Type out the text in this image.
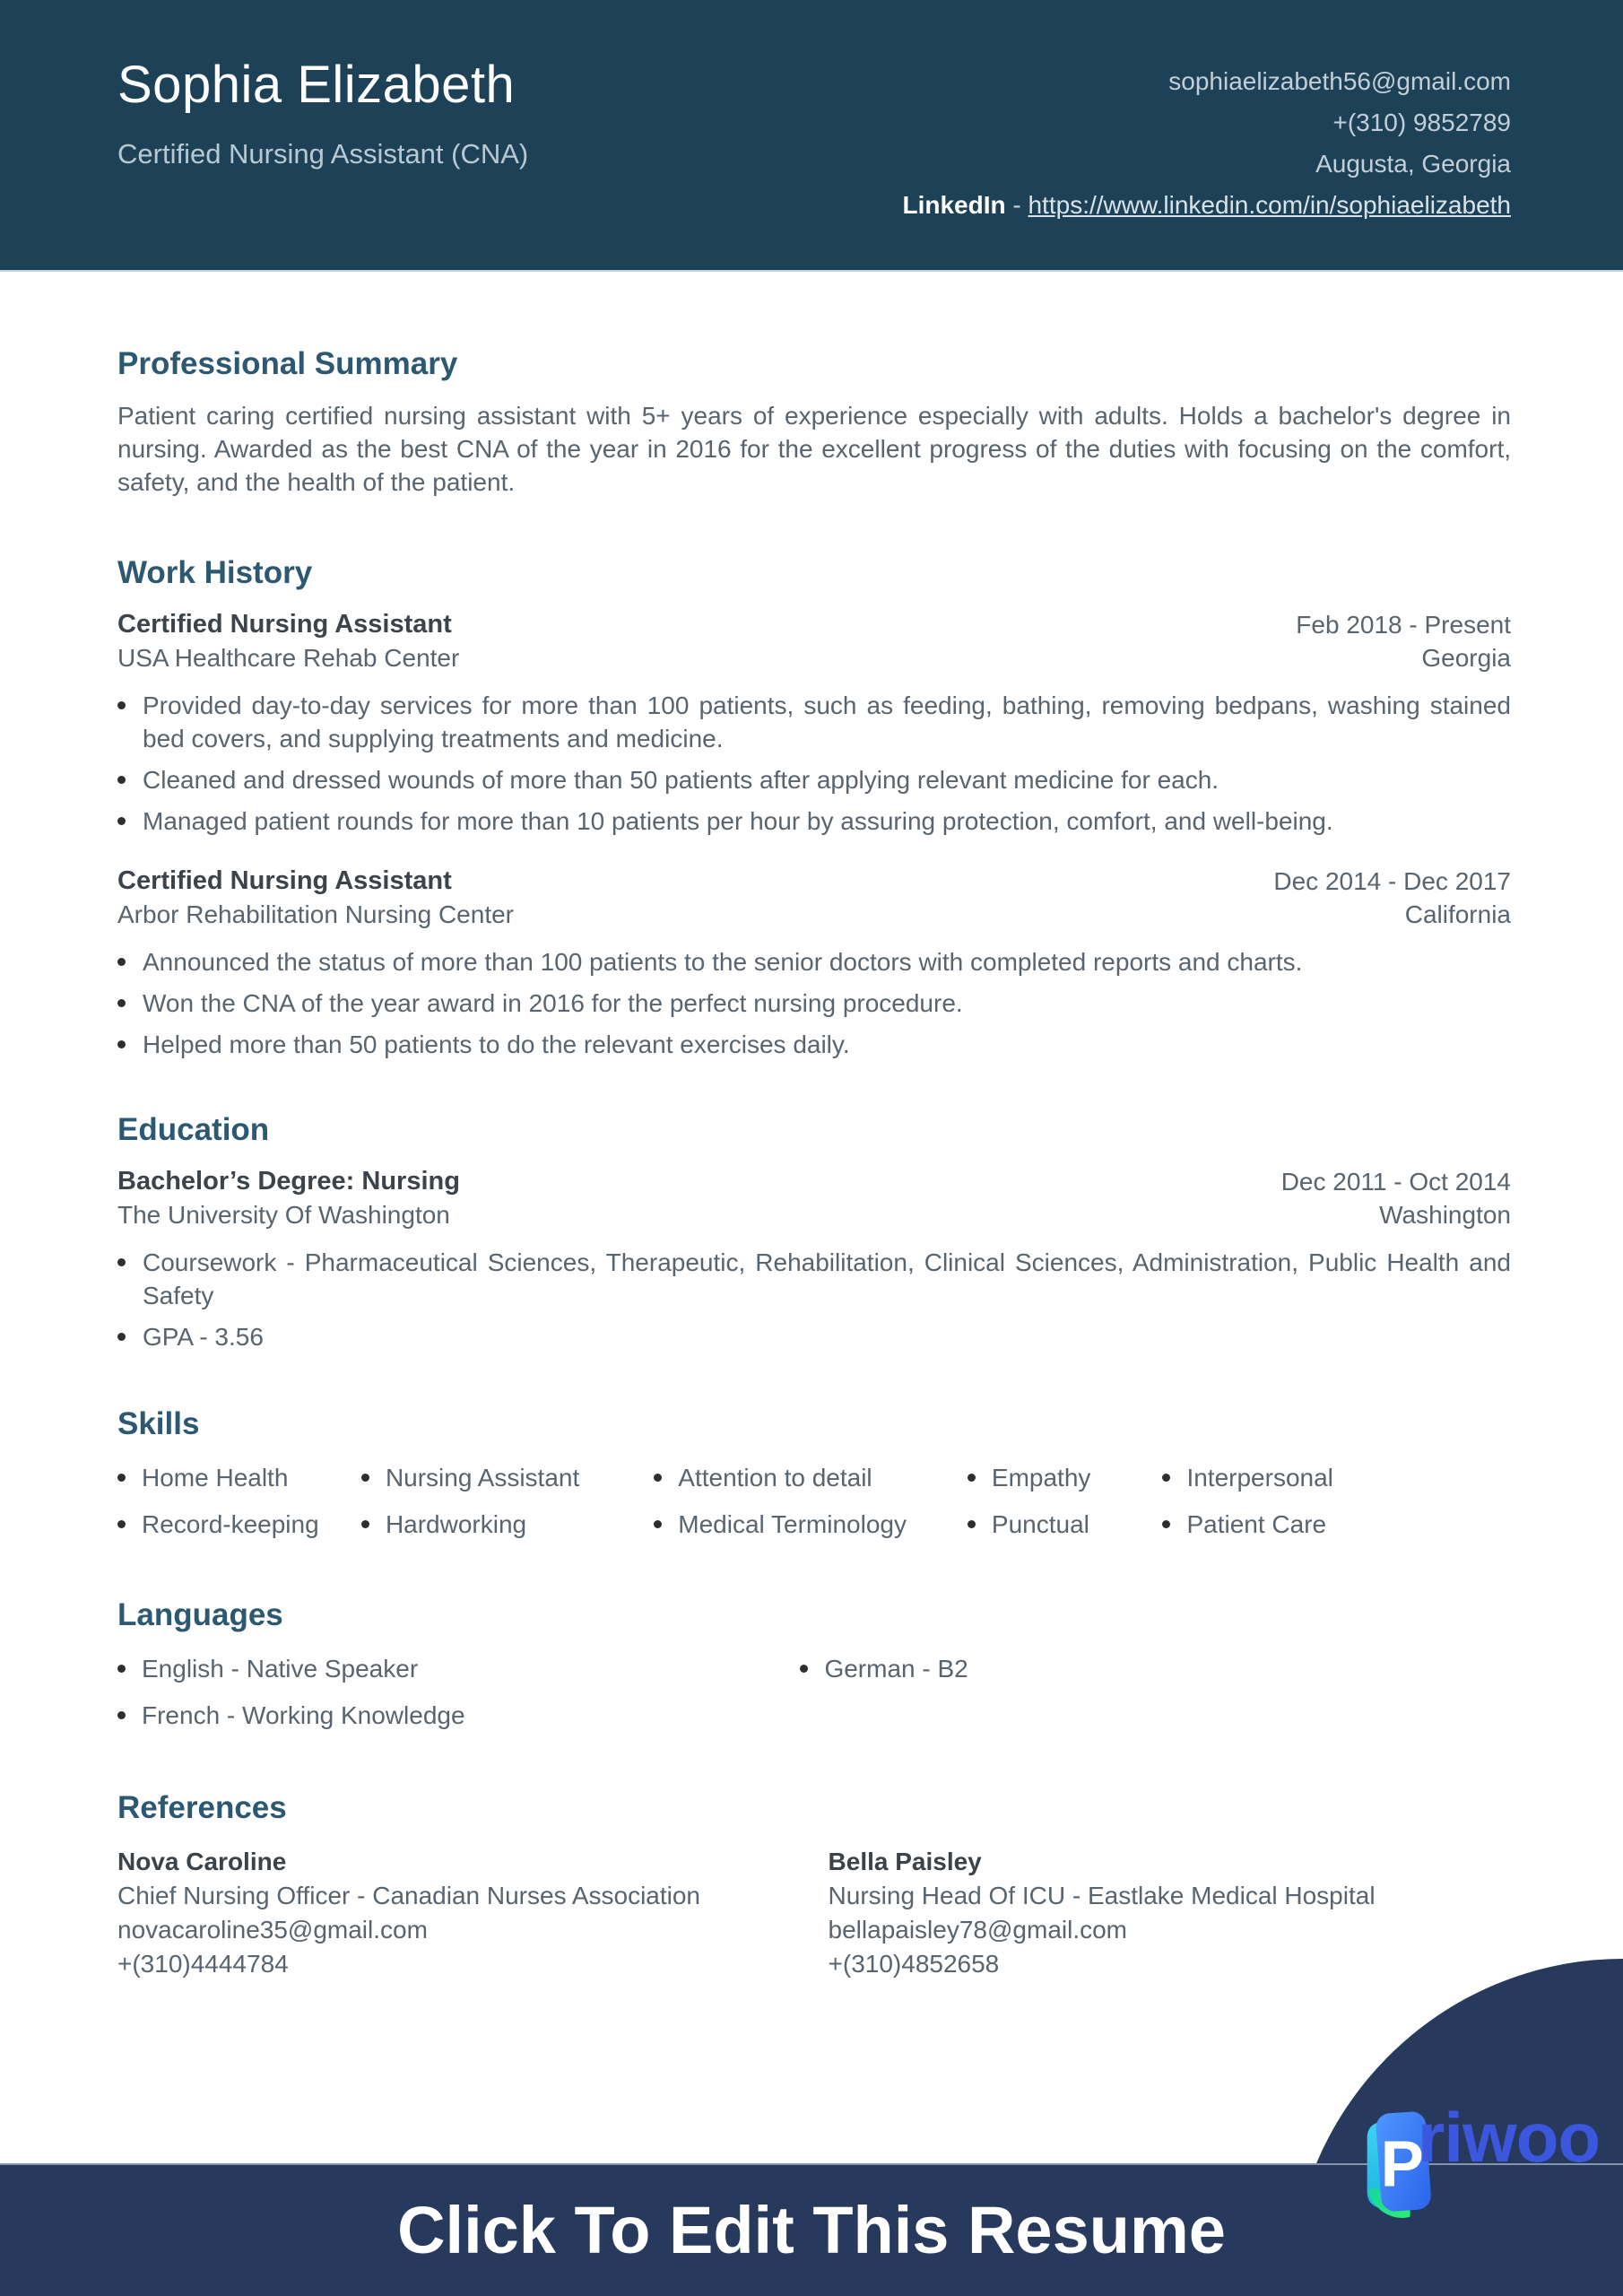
Sophia Elizabeth
Certified Nursing Assistant (CNA)
sophiaelizabeth56@gmail.com
+(310) 9852789
Augusta, Georgia
LinkedIn - https://www.linkedin.com/in/sophiaelizabeth
Professional Summary

Patient caring certified nursing assistant with 5+ years of experience especially with adults. Holds a bachelor's degree in nursing. Awarded as the best CNA of the year in 2016 for the excellent progress of the duties with focusing on the comfort, safety, and the health of the patient.

Work History
Certified Nursing Assistant
USA Healthcare Rehab Center
Feb 2018 - Present
Georgia
Provided day-to-day services for more than 100 patients, such as feeding, bathing, removing bedpans, washing stained bed covers, and supplying treatments and medicine.
Cleaned and dressed wounds of more than 50 patients after applying relevant medicine for each.
Managed patient rounds for more than 10 patients per hour by assuring protection, comfort, and well-being.
Certified Nursing Assistant
Arbor Rehabilitation Nursing Center
Dec 2014 - Dec 2017
California
Announced the status of more than 100 patients to the senior doctors with completed reports and charts.
Won the CNA of the year award in 2016 for the perfect nursing procedure.
Helped more than 50 patients to do the relevant exercises daily.
Education
Bachelor’s Degree: Nursing
The University Of Washington
Dec 2011 - Oct 2014
Washington
Coursework - Pharmaceutical Sciences, Therapeutic, Rehabilitation, Clinical Sciences, Administration, Public Health and Safety
GPA - 3.56
Skills
Home Health	Nursing Assistant	Attention to detail	Empathy	Interpersonal
Record-keeping	Hardworking	Medical Terminology	Punctual	Patient Care
Languages
English - Native Speaker	German - B2
French - Working Knowledge
References
Nova Caroline
Chief Nursing Officer - Canadian Nurses Association
novacaroline35@gmail.com
+(310)4444784
Bella Paisley
Nursing Head Of ICU - Eastlake Medical Hospital
bellapaisley78@gmail.com
+(310)4852658
Click To Edit This Resume
P
riwoo
